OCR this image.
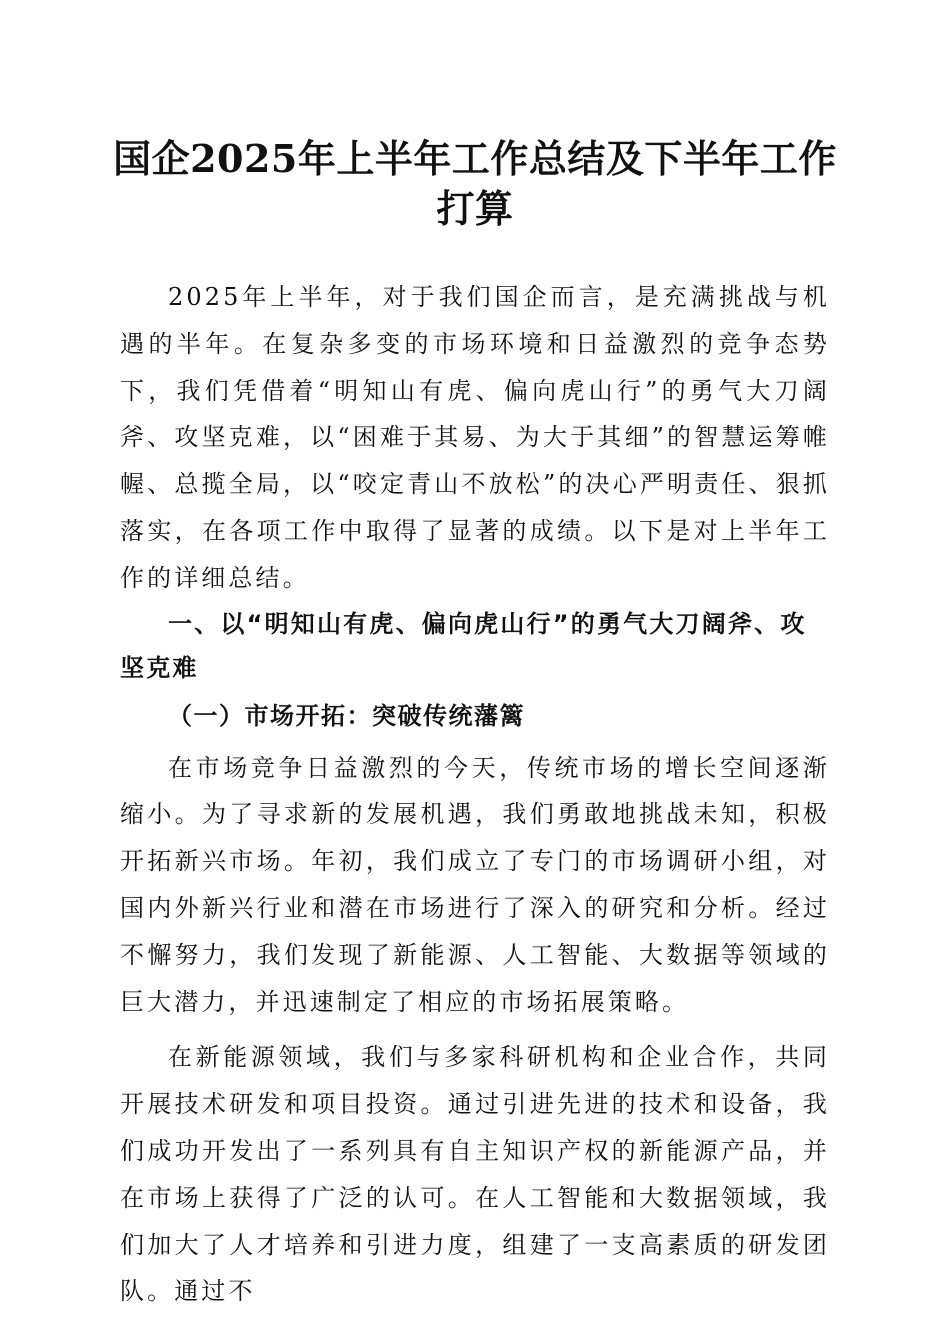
国企2025年上半年工作总结及下半年工作打算

2025年上半年，对于我们国企而言，是充满挑战与机遇的半年。在复杂多变的市场环境和日益激烈的竞争态势下，我们凭借着“明知山有虎、偏向虎山行”的勇气大刀阔斧、攻坚克难，以“困难于其易、为大于其细”的智慧运筹帷幄、总揽全局，以“咬定青山不放松”的决心严明责任、狠抓落实，在各项工作中取得了显著的成绩。以下是对上半年工作的详细总结。

一、以“明知山有虎、偏向虎山行”的勇气大刀阔斧、攻坚克难

（一）市场开拓：突破传统藩篱

在市场竞争日益激烈的今天，传统市场的增长空间逐渐缩小。为了寻求新的发展机遇，我们勇敢地挑战未知，积极开拓新兴市场。年初，我们成立了专门的市场调研小组，对国内外新兴行业和潜在市场进行了深入的研究和分析。经过不懈努力，我们发现了新能源、人工智能、大数据等领域的巨大潜力，并迅速制定了相应的市场拓展策略。

在新能源领域，我们与多家科研机构和企业合作，共同开展技术研发和项目投资。通过引进先进的技术和设备，我们成功开发出了一系列具有自主知识产权的新能源产品，并在市场上获得了广泛的认可。在人工智能和大数据领域，我们加大了人才培养和引进力度，组建了一支高素质的研发团队。通过不
